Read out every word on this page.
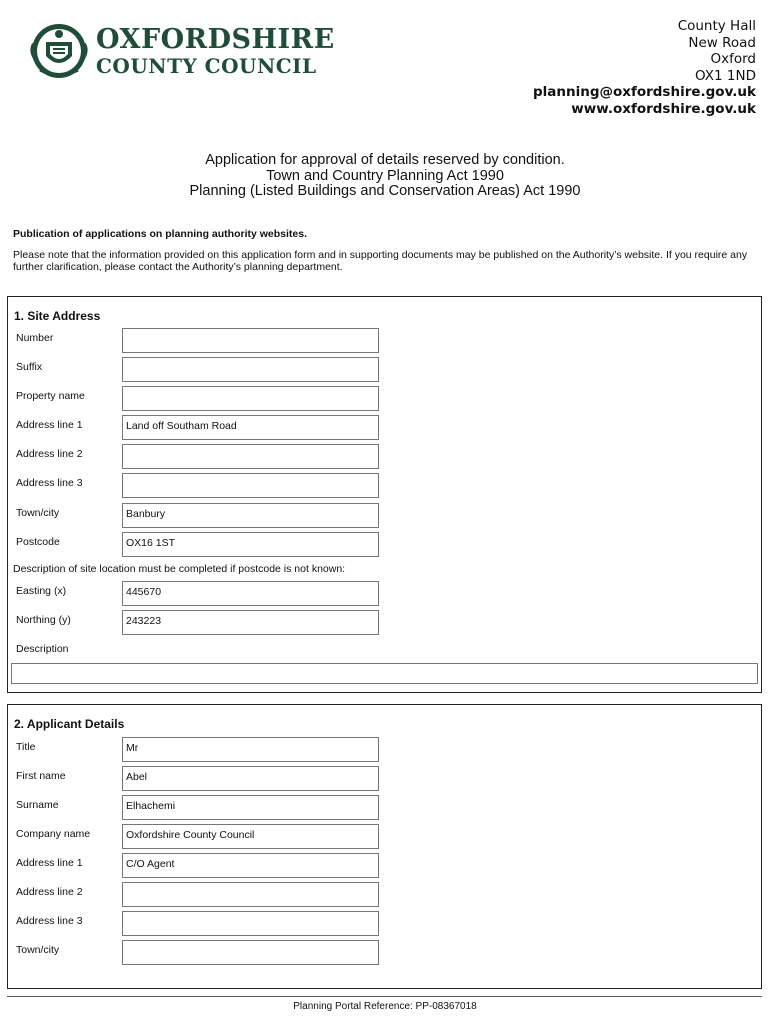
OXFORDSHIRE
COUNTY COUNCIL
County Hall
New Road
Oxford
OX1 1ND
planning@oxfordshire.gov.uk
www.oxfordshire.gov.uk
Application for approval of details reserved by condition.
Town and Country Planning Act 1990
Planning (Listed Buildings and Conservation Areas) Act 1990
Publication of applications on planning authority websites.
Please note that the information provided on this application form and in supporting documents may be published on the Authority’s website. If you require any further clarification, please contact the Authority’s planning department.
1. Site Address
Number
Suffix
Property name
Address line 1	Land off Southam Road
Address line 2
Address line 3
Town/city	Banbury
Postcode	OX16 1ST
Description of site location must be completed if postcode is not known:
Easting (x)	445670
Northing (y)	243223
Description
2. Applicant Details
Title	Mr
First name	Abel
Surname	Elhachemi
Company name	Oxfordshire County Council
Address line 1	C/O Agent
Address line 2
Address line 3
Town/city
Planning Portal Reference: PP-08367018
